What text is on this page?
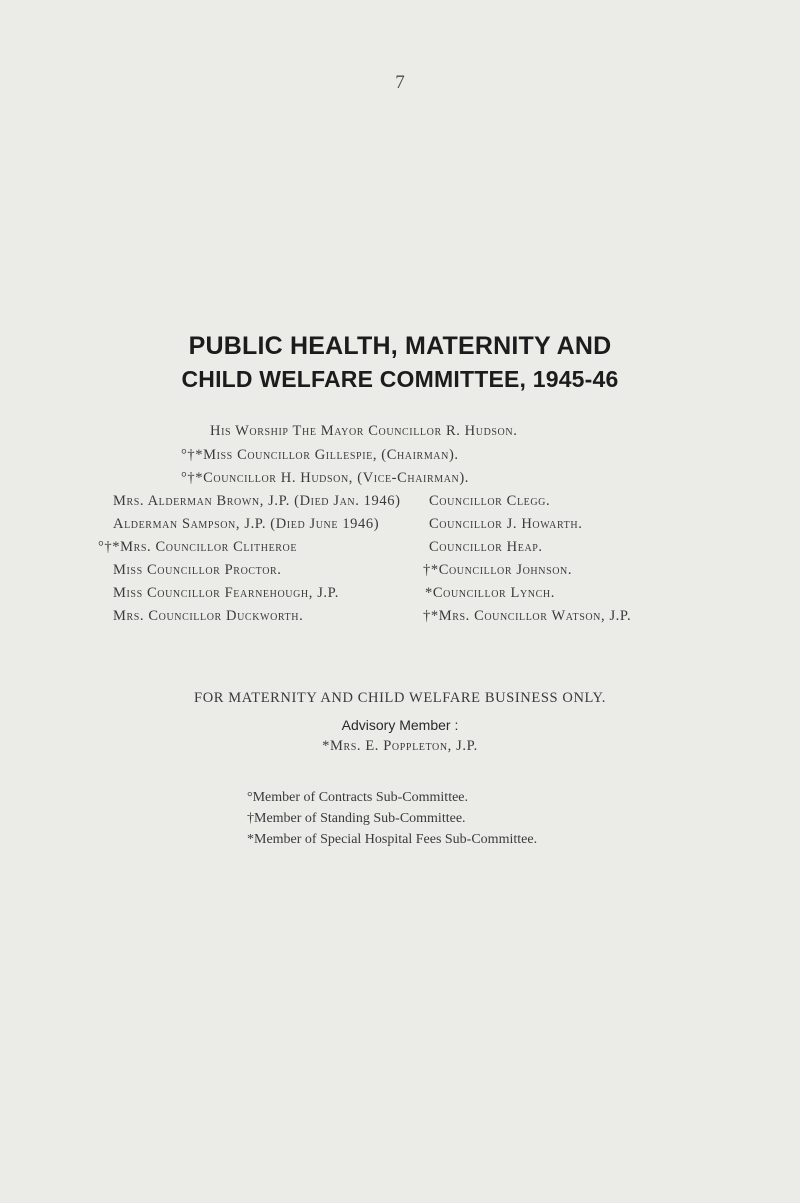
7
PUBLIC HEALTH, MATERNITY AND
CHILD WELFARE COMMITTEE, 1945-46
His Worship The Mayor Councillor R. Hudson.
°†*Miss Councillor Gillespie, (Chairman).
°†*Councillor H. Hudson, (Vice-Chairman).
Mrs. Alderman Brown, J.P. (Died Jan. 1946)
Alderman Sampson, J.P. (Died June 1946)
°†*Mrs. Councillor Clitheroe
Miss Councillor Proctor.
Miss Councillor Fearnehough, J.P.
Mrs. Councillor Duckworth.
Councillor Clegg.
Councillor J. Howarth.
Councillor Heap.
†*Councillor Johnson.
*Councillor Lynch.
†*Mrs. Councillor Watson, J.P.
FOR MATERNITY AND CHILD WELFARE BUSINESS ONLY.
Advisory Member :
*Mrs. E. Poppleton, J.P.
°Member of Contracts Sub-Committee.
†Member of Standing Sub-Committee.
*Member of Special Hospital Fees Sub-Committee.
